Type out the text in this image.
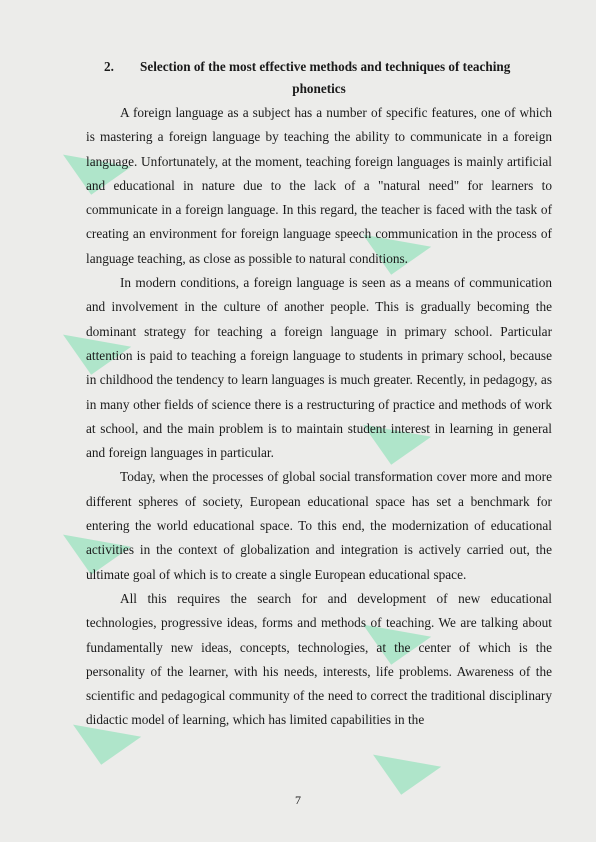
◣
◣
◣
◣
◣
◣
◣
◣
2. Selection of the most effective methods and techniques of teaching
phonetics

A foreign language as a subject has a number of specific features, one of which is mastering a foreign language by teaching the ability to communicate in a foreign language. Unfortunately, at the moment, teaching foreign languages is mainly artificial and educational in nature due to the lack of a "natural need" for learners to communicate in a foreign language. In this regard, the teacher is faced with the task of creating an environment for foreign language speech communication in the process of language teaching, as close as possible to natural conditions.

In modern conditions, a foreign language is seen as a means of communication and involvement in the culture of another people. This is gradually becoming the dominant strategy for teaching a foreign language in primary school. Particular attention is paid to teaching a foreign language to students in primary school, because in childhood the tendency to learn languages is much greater. Recently, in pedagogy, as in many other fields of science there is a restructuring of practice and methods of work at school, and the main problem is to maintain student interest in learning in general and foreign languages in particular.

Today, when the processes of global social transformation cover more and more different spheres of society, European educational space has set a benchmark for entering the world educational space. To this end, the modernization of educational activities in the context of globalization and integration is actively carried out, the ultimate goal of which is to create a single European educational space.

All this requires the search for and development of new educational technologies, progressive ideas, forms and methods of teaching. We are talking about fundamentally new ideas, concepts, technologies, at the center of which is the personality of the learner, with his needs, interests, life problems. Awareness of the scientific and pedagogical community of the need to correct the traditional disciplinary didactic model of learning, which has limited capabilities in the

7
